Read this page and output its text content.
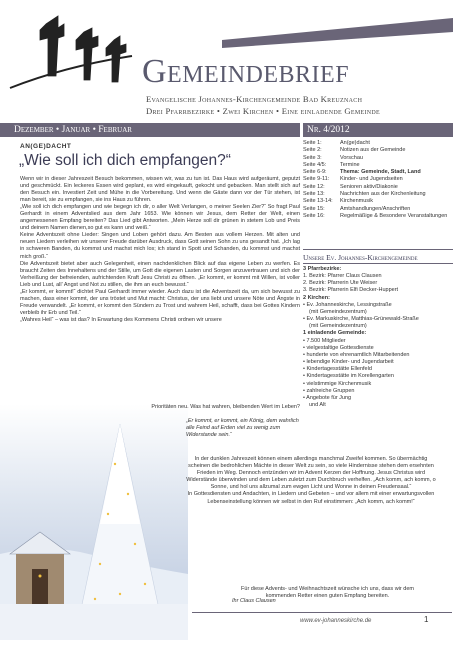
Gemeinde – Stadt – Land
Gemeindebrief
Evangelische Johannes-Kirchengemeinde Bad Kreuznach
Drei Pfarrbezirke • Zwei Kirchen • Eine einladende Gemeinde
Dezember • Januar • Februar	Nr. 4/2012
AN(GE)DACHT
„Wie soll ich dich empfangen?“

Wenn wir in dieser Jahreszeit Besuch bekommen, wissen wir, was zu tun ist. Das Haus wird aufgeräumt, geputzt und geschmückt. Ein leckeres Essen wird geplant, es wird eingekauft, gekocht und gebacken. Man stellt sich auf den Besuch ein. Investiert Zeit und Mühe in die Vorbereitung. Und wenn die Gäste dann vor der Tür stehen, ist man bereit, sie zu empfangen, sie ins Haus zu führen.

„Wie soll ich dich empfangen und wie begegn ich dir, o aller Welt Verlangen, o meiner Seelen Zier?“ So fragt Paul Gerhardt in einem Adventslied aus dem Jahr 1653. Wie können wir Jesus, dem Retter der Welt, einen angemessenen Empfang bereiten? Das Lied gibt Antworten. „Mein Herze soll dir grünen in stetem Lob und Preis und deinem Namen dienen,so gut es kann und weiß.“

Keine Adventszeit ohne Lieder: Singen und Loben gehört dazu. Am Besten aus vollem Herzen. Mit alten und neuen Liedern verleihen wir unserer Freude darüber Ausdruck, dass Gott seinen Sohn zu uns gesandt hat. „Ich lag in schweren Banden, du kommst und machst mich los; ich stand in Spott und Schanden, du kommst und machst mich groß.“

Die Adventszeit bietet aber auch Gelegenheit, einen nachdenklichen Blick auf das eigene Leben zu werfen. Es braucht Zeiten des Innehaltens und der Stille, um Gott die eigenen Lasten und Sorgen anzuvertrauen und sich der Verheißung der befreienden, aufrichtenden Kraft Jesu Christi zu öffnen. „Er kommt, er kommt mit Willen, ist voller Lieb und Lust, all' Angst und Not zu stillen, die ihm an euch bewusst.“

„Er kommt, er kommt!“ dichtet Paul Gerhardt immer wieder. Auch dazu ist die Adventszeit da, um sich bewusst zu machen, dass einer kommt, der uns tröstet und Mut macht: Christus, der uns liebt und unsere Nöte und Ängste in Freude verwandelt. „Er kommt, er kommt den Sündern zu Trost und wahrem Heil, schafft, dass bei Gottes Kindern verbleib ihr Erb und Teil.“

„Wahres Heil“ – was ist das? In Erwartung des Kommens Christi ordnen wir unsere

Prioritäten neu. Was hat wahren, bleibenden Wert im Leben?
„Er kommt, er kommt, ein König, dem wahrlich alle Feind auf Erden viel zu wenig zum Widerstande sein.“

In der dunklen Jahreszeit können einem allerdings manchmal Zweifel kommen. So übermächtig scheinen die bedrohlichen Mächte in dieser Welt zu sein, so viele Hindernisse stehen dem ersehnten Frieden im Weg. Dennoch entzünden wir im Advent Kerzen der Hoffnung. Jesus Christus wird Widerstände überwinden und dem Leben zuletzt zum Durchbruch verhelfen. „Ach komm, ach komm, o Sonne, und hol uns allzumal zum ewgen Licht und Wonne in deinen Freudensaal.“

In Gottesdiensten und Andachten, in Liedern und Gebeten – und vor allem mit einer erwartungsvollen Lebenseinstellung können wir selbst in den Ruf einstimmen: „Ach komm, ach komm!“

Für diese Advents- und Weihnachtszeit wünsche ich uns, dass wir dem kommenden Retter einen guten Empfang bereiten.
Ihr Claus Clausen
www.ev-johanneskirche.de	1
Seite 1:	An(ge)dacht
Seite 2:	Notizen aus der Gemeinde
Seite 3:	Vorschau
Seite 4/5:	Termine
Seite 6-9:	Thema: Gemeinde, Stadt, Land
Seite 9-11:	Kinder- und Jugendseiten
Seite 12:	Senioren aktiv/Diakonie
Seite 13:	Nachrichten aus der Kirchenleitung
Seite 13-14:	Kirchenmusik
Seite 15:	Amtshandlungen/Anschriften
Seite 16:	Regelmäßige & Besondere Veranstaltungen
Unsere Ev. Johannes-Kirchengemeinde
3 Pfarrbezirke:
1. Bezirk: Pfarrer Claus Clausen
2. Bezirk: Pfarrerin Ute Weiser
3. Bezirk: Pfarrerin Elfi Decker-Huppert
2 Kirchen:
• Ev. Johanneskirche, Lessingstraße
(mit Gemeindezentrum)
• Ev. Markuskirche, Matthias-Grünewald-Straße
(mit Gemeindezentrum)
1 einladende Gemeinde:
• 7.500 Mitglieder
• vielgestaltige Gottesdienste
• hunderte von ehrenamtlich Mitarbeitenden
• lebendige Kinder- und Jugendarbeit
• Kindertagesstätte Ellenfeld
• Kindertagesstätte im Korellengarten
• vielstimmige Kirchenmusik
• zahlreiche Gruppen
• Angebote für Jung
und Alt
